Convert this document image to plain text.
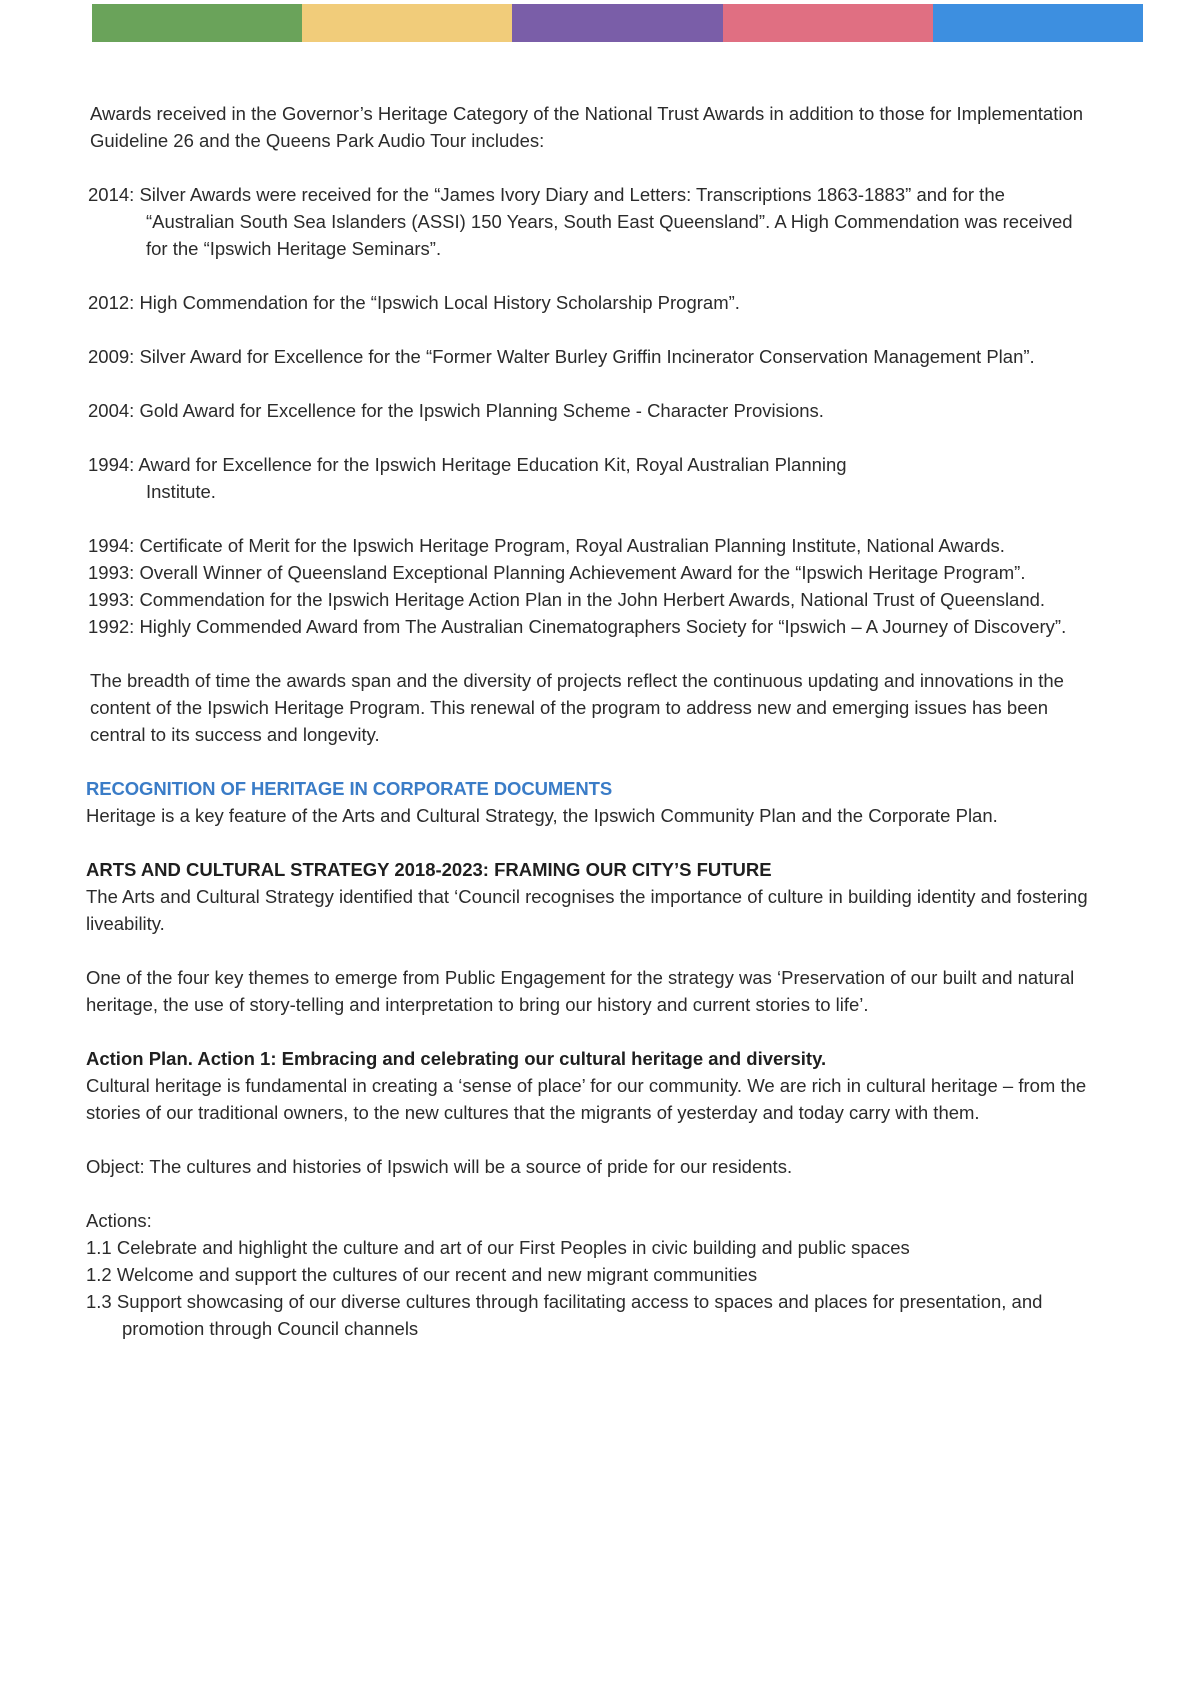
Awards received in the Governor’s Heritage Category of the National Trust Awards in addition to those for Implementation Guideline 26 and the Queens Park Audio Tour includes:

2014: Silver Awards were received for the “James Ivory Diary and Letters: Transcriptions 1863-1883” and for the “Australian South Sea Islanders (ASSI) 150 Years, South East Queensland”. A High Commendation was received for the “Ipswich Heritage Seminars”.

2012: High Commendation for the “Ipswich Local History Scholarship Program”.

2009: Silver Award for Excellence for the “Former Walter Burley Griffin Incinerator Conservation Management Plan”.

2004: Gold Award for Excellence for the Ipswich Planning Scheme - Character Provisions.

1994: Award for Excellence for the Ipswich Heritage Education Kit, Royal Australian Planning Institute.

1994: Certificate of Merit for the Ipswich Heritage Program, Royal Australian Planning Institute, National Awards.

1993: Overall Winner of Queensland Exceptional Planning Achievement Award for the “Ipswich Heritage Program”.

1993: Commendation for the Ipswich Heritage Action Plan in the John Herbert Awards, National Trust of Queensland.

1992: Highly Commended Award from The Australian Cinematographers Society for “Ipswich – A Journey of Discovery”.

The breadth of time the awards span and the diversity of projects reflect the continuous updating and innovations in the content of the Ipswich Heritage Program. This renewal of the program to address new and emerging issues has been central to its success and longevity.

RECOGNITION OF HERITAGE IN CORPORATE DOCUMENTS

Heritage is a key feature of the Arts and Cultural Strategy, the Ipswich Community Plan and the Corporate Plan.

ARTS AND CULTURAL STRATEGY 2018-2023: FRAMING OUR CITY’S FUTURE

The Arts and Cultural Strategy identified that ‘Council recognises the importance of culture in building identity and fostering liveability.

One of the four key themes to emerge from Public Engagement for the strategy was ‘Preservation of our built and natural heritage, the use of story-telling and interpretation to bring our history and current stories to life’.

Action Plan. Action 1: Embracing and celebrating our cultural heritage and diversity.

Cultural heritage is fundamental in creating a ‘sense of place’ for our community. We are rich in cultural heritage – from the stories of our traditional owners, to the new cultures that the migrants of yesterday and today carry with them.

Object: The cultures and histories of Ipswich will be a source of pride for our residents.

Actions:

1.1 Celebrate and highlight the culture and art of our First Peoples in civic building and public spaces

1.2 Welcome and support the cultures of our recent and new migrant communities

1.3 Support showcasing of our diverse cultures through facilitating access to spaces and places for presentation, and promotion through Council channels
